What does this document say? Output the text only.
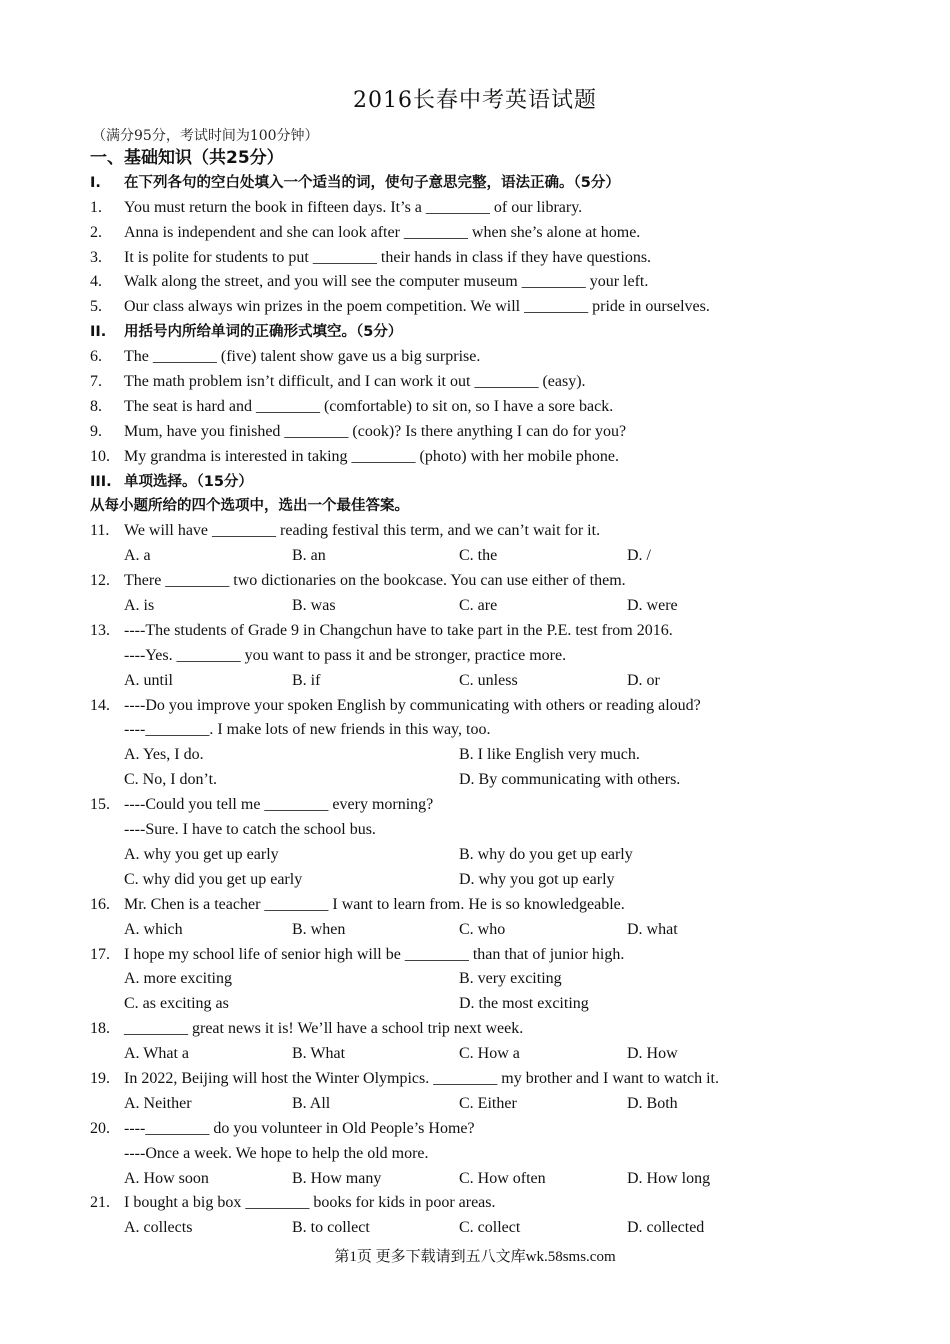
2016长春中考英语试题
（满分95分，考试时间为100分钟）
一、基础知识（共25分）
I.	在下列各句的空白处填入一个适当的词，使句子意思完整，语法正确。（5分）
1.	You must return the book in fifteen days. It’s a ________ of our library.
2.	Anna is independent and she can look after ________ when she’s alone at home.
3.	It is polite for students to put ________ their hands in class if they have questions.
4.	Walk along the street, and you will see the computer museum ________ your left.
5.	Our class always win prizes in the poem competition. We will ________ pride in ourselves.
II.	用括号内所给单词的正确形式填空。（5分）
6.	The ________ (five) talent show gave us a big surprise.
7.	The math problem isn’t difficult, and I can work it out ________ (easy).
8.	The seat is hard and ________ (comfortable) to sit on, so I have a sore back.
9.	Mum, have you finished ________ (cook)? Is there anything I can do for you?
10. My grandma is interested in taking ________ (photo) with her mobile phone.
III. 单项选择。（15分）
从每小题所给的四个选项中，选出一个最佳答案。
11. We will have ________ reading festival this term, and we can’t wait for it.
A. a	B. an	C. the	D. /
12. There ________ two dictionaries on the bookcase. You can use either of them.
A. is	B. was	C. are	D. were
13. ----The students of Grade 9 in Changchun have to take part in the P.E. test from 2016.
----Yes. ________ you want to pass it and be stronger, practice more.
A. until	B. if	C. unless	D. or
14. ----Do you improve your spoken English by communicating with others or reading aloud?
----________. I make lots of new friends in this way, too.
A. Yes, I do.	B. I like English very much.
C. No, I don’t.	D. By communicating with others.
15. ----Could you tell me ________ every morning?
----Sure. I have to catch the school bus.
A. why you get up early	B. why do you get up early
C. why did you get up early	D. why you got up early
16. Mr. Chen is a teacher ________ I want to learn from. He is so knowledgeable.
A. which	B. when	C. who	D. what
17. I hope my school life of senior high will be ________ than that of junior high.
A. more exciting	B. very exciting
C. as exciting as	D. the most exciting
18. ________ great news it is! We’ll have a school trip next week.
A. What a	B. What	C. How a	D. How
19. In 2022, Beijing will host the Winter Olympics. ________ my brother and I want to watch it.
A. Neither	B. All	C. Either	D. Both
20. ----________ do you volunteer in Old People’s Home?
----Once a week. We hope to help the old more.
A. How soon	B. How many	C. How often	D. How long
21. I bought a big box ________ books for kids in poor areas.
A. collects	B. to collect	C. collect	D. collected
第1页 更多下载请到五八文库wk.58sms.com
